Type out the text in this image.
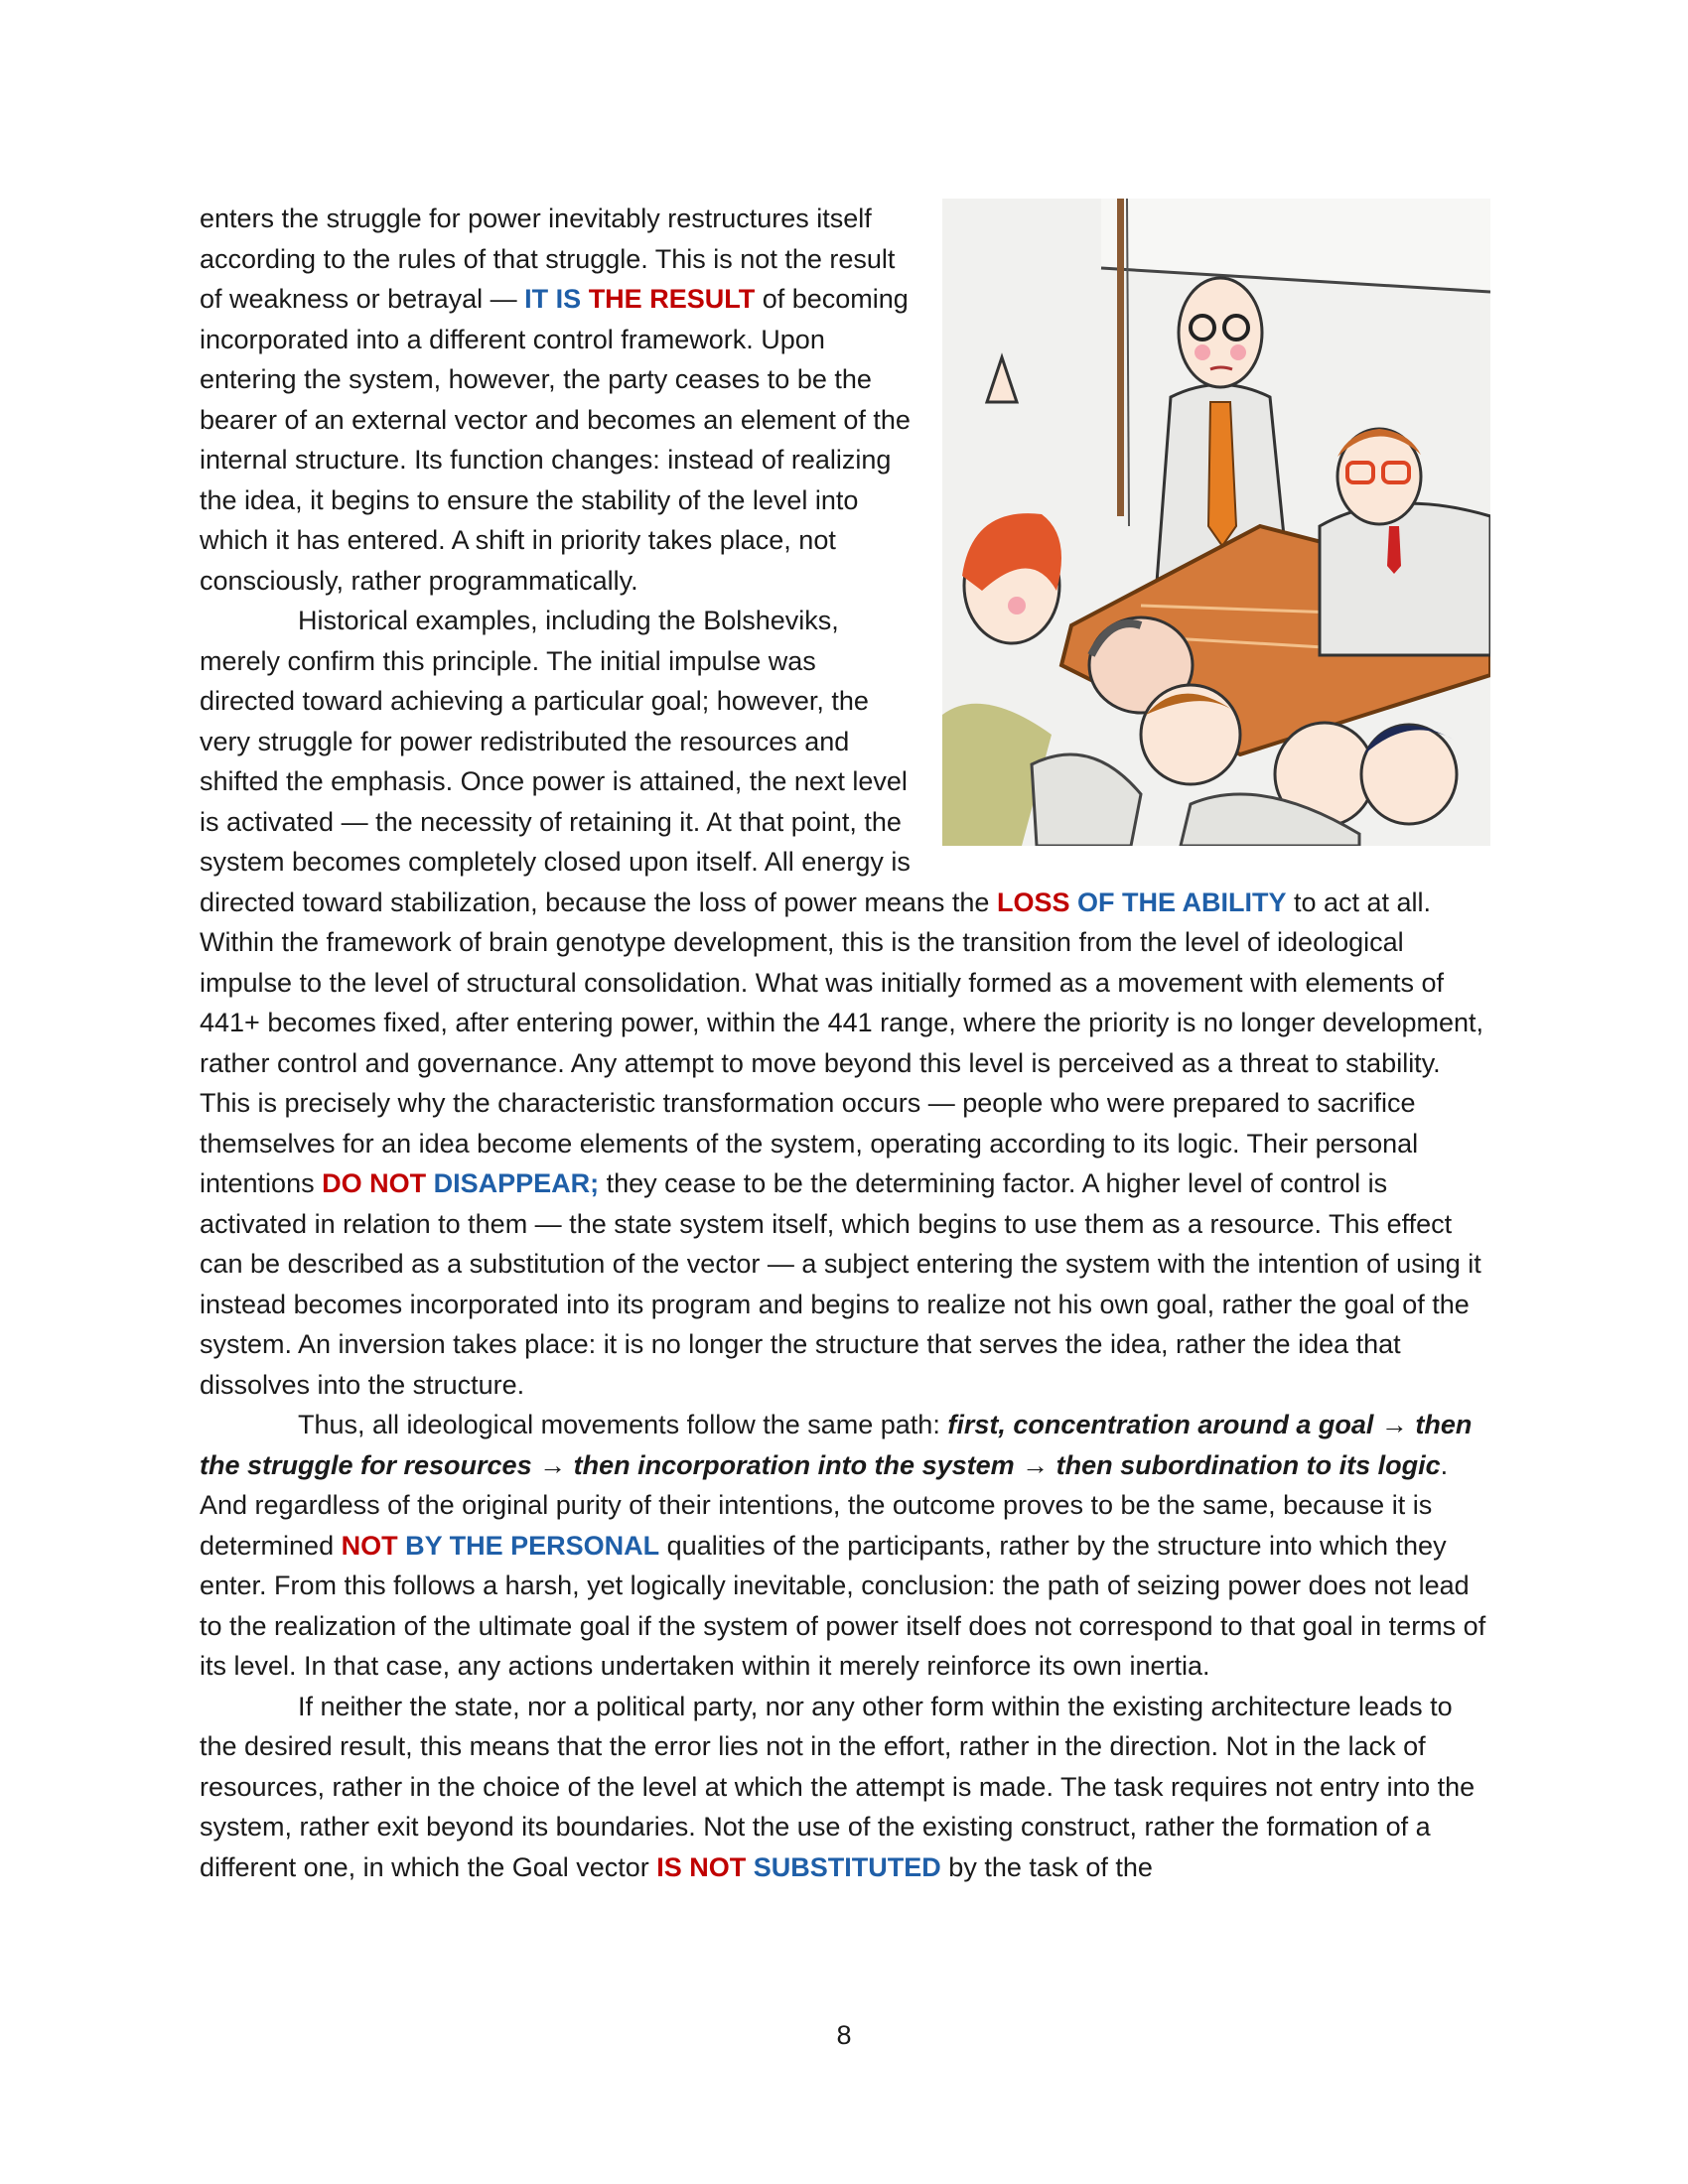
enters the struggle for power inevitably restructures itself according to the rules of that struggle. This is not the result of weakness or betrayal — IT IS THE RESULT of becoming incorporated into a different control framework. Upon entering the system, however, the party ceases to be the bearer of an external vector and becomes an element of the internal structure. Its function changes: instead of realizing the idea, it begins to ensure the stability of the level into which it has entered. A shift in priority takes place, not consciously, rather programmatically.

Historical examples, including the Bolsheviks, merely confirm this principle. The initial impulse was directed toward achieving a particular goal; however, the very struggle for power redistributed the resources and shifted the emphasis. Once power is attained, the next level is activated — the necessity of retaining it. At that point, the system becomes completely closed upon itself. All energy is directed toward stabilization, because the loss of power means the LOSS OF THE ABILITY to act at all. Within the framework of brain genotype development, this is the transition from the level of ideological impulse to the level of structural consolidation. What was initially formed as a movement with elements of 441+ becomes fixed, after entering power, within the 441 range, where the priority is no longer development, rather control and governance. Any attempt to move beyond this level is perceived as a threat to stability. This is precisely why the characteristic transformation occurs — people who were prepared to sacrifice themselves for an idea become elements of the system, operating according to its logic. Their personal intentions DO NOT DISAPPEAR; they cease to be the determining factor. A higher level of control is activated in relation to them — the state system itself, which begins to use them as a resource. This effect can be described as a substitution of the vector — a subject entering the system with the intention of using it instead becomes incorporated into its program and begins to realize not his own goal, rather the goal of the system. An inversion takes place: it is no longer the structure that serves the idea, rather the idea that dissolves into the structure.

Thus, all ideological movements follow the same path: first, concentration around a goal → then the struggle for resources → then incorporation into the system → then subordination to its logic. And regardless of the original purity of their intentions, the outcome proves to be the same, because it is determined NOT BY THE PERSONAL qualities of the participants, rather by the structure into which they enter. From this follows a harsh, yet logically inevitable, conclusion: the path of seizing power does not lead to the realization of the ultimate goal if the system of power itself does not correspond to that goal in terms of its level. In that case, any actions undertaken within it merely reinforce its own inertia.

If neither the state, nor a political party, nor any other form within the existing architecture leads to the desired result, this means that the error lies not in the effort, rather in the direction. Not in the lack of resources, rather in the choice of the level at which the attempt is made. The task requires not entry into the system, rather exit beyond its boundaries. Not the use of the existing construct, rather the formation of a different one, in which the Goal vector IS NOT SUBSTITUTED by the task of the

8
